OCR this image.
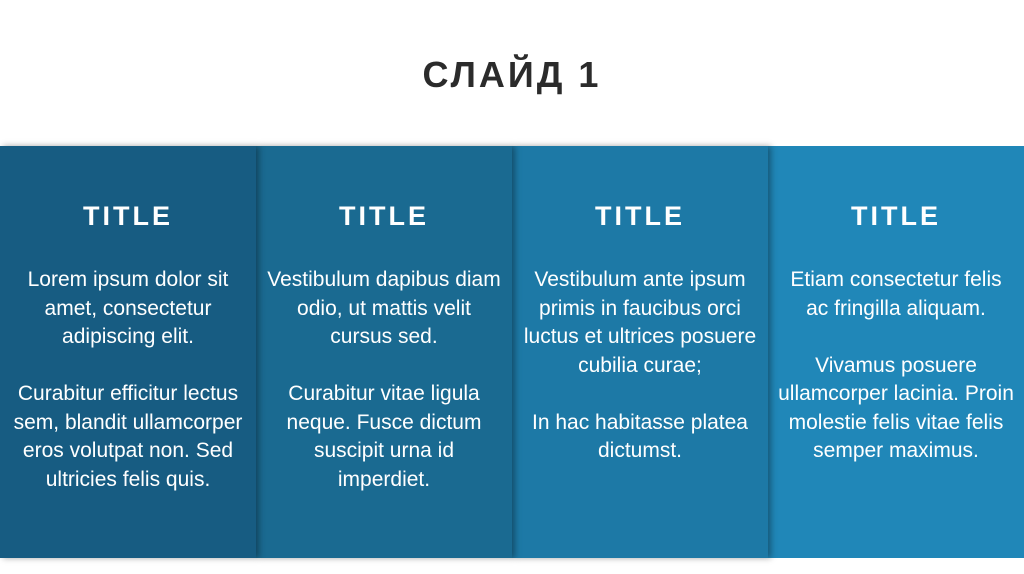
СЛАЙД 1
TITLE
Lorem ipsum dolor sit amet, consectetur adipiscing elit.
Curabitur efficitur lectus sem, blandit ullamcorper eros volutpat non. Sed ultricies felis quis.
TITLE
Vestibulum dapibus diam odio, ut mattis velit cursus sed.
Curabitur vitae ligula neque. Fusce dictum suscipit urna id imperdiet.
TITLE
Vestibulum ante ipsum primis in faucibus orci luctus et ultrices posuere cubilia curae;
In hac habitasse platea dictumst.
TITLE
Etiam consectetur felis ac fringilla aliquam.
Vivamus posuere ullamcorper lacinia. Proin molestie felis vitae felis semper maximus.
